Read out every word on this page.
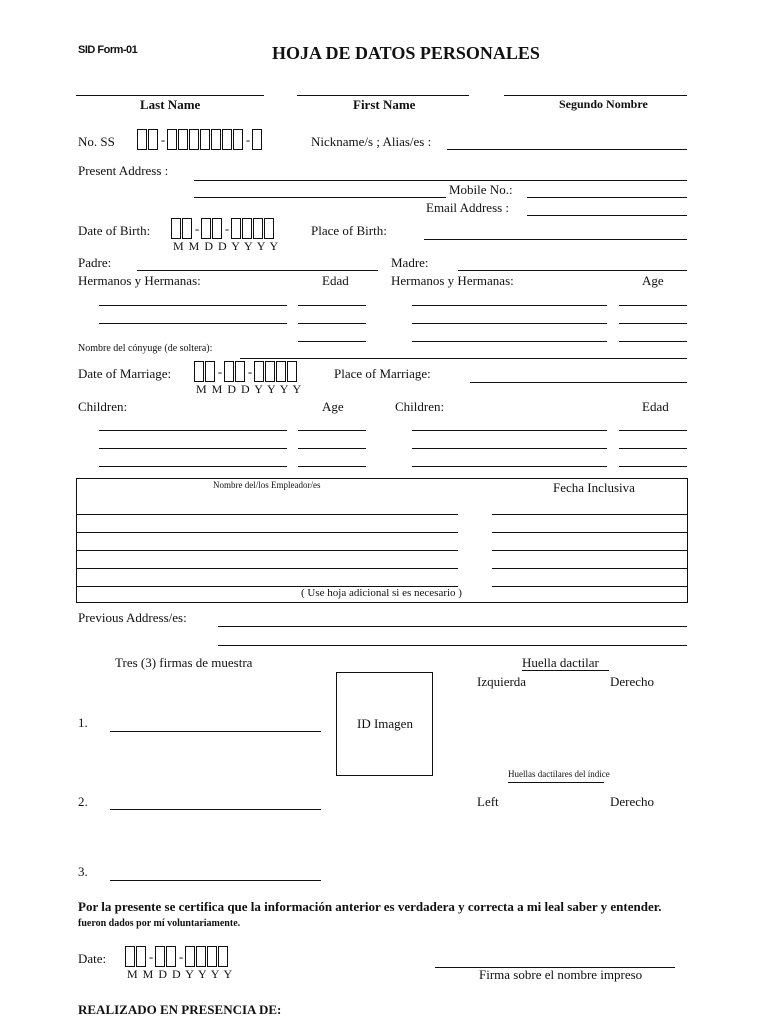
SID Form-01	HOJA DE DATOS PERSONALES
Last Name	First Name	Segundo Nombre
No. SS	-	-	Nickname/s ; Alias/es :
Present Address :
Mobile No.:
Email Address :
Date of Birth:	- -
M M D D Y Y Y Y
Place of Birth:
Padre:	Madre:
Hermanos y Hermanas:	Edad	Hermanos y Hermanas:	Age
Nombre del cónyuge (de soltera):
Date of Marriage:	- -
M M D D Y Y Y Y
Place of Marriage:
Children:	Age	Children:	Edad
Nombre del/los Empleador/es	Fecha Inclusiva
( Use hoja adicional si es necesario )
Previous Address/es:
Tres (3) firmas de muestra	Huella dactilar
Izquierda	Derecho
ID Imagen
1.
Huellas dactilares del índice
2.	Left	Derecho
3.
Por la presente se certifica que la información anterior es verdadera y correcta a mi leal saber y entender.
fueron dados por mí voluntariamente.
Date:	- -
M M D D Y Y Y Y	Firma sobre el nombre impreso
REALIZADO EN PRESENCIA DE:
